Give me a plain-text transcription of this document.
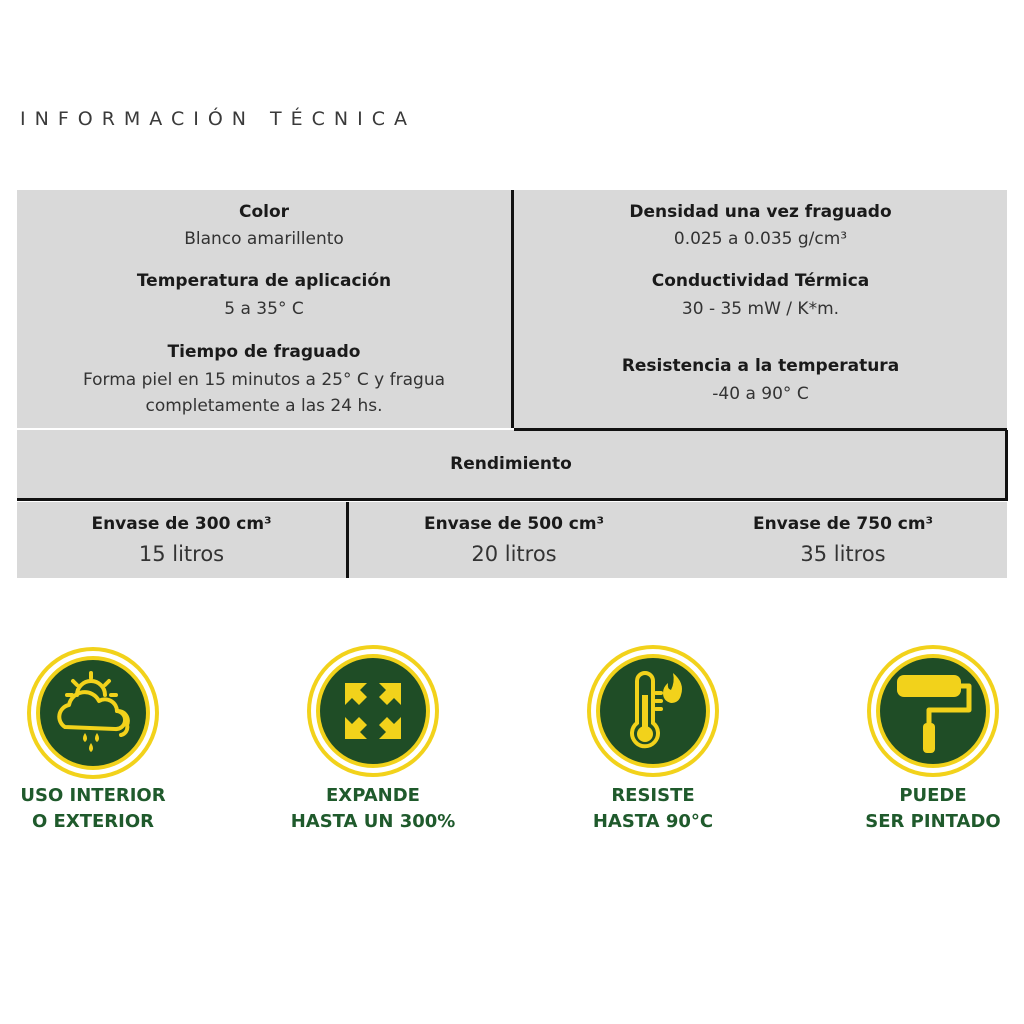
INFORMACIÓN TÉCNICA
Color
Blanco amarillento
Temperatura de aplicación
5 a 35° C
Tiempo de fraguado
Forma piel en 15 minutos a 25° C y fragua
completamente a las 24 hs.
Densidad una vez fraguado
0.025 a 0.035 g/cm³
Conductividad Térmica
30 - 35 mW / K*m.
Resistencia a la temperatura
-40 a 90° C
Rendimiento
Envase de 300 cm³
15 litros
Envase de 500 cm³
20 litros
Envase de 750 cm³
35 litros
USO INTERIOR
O EXTERIOR
EXPANDE
HASTA UN 300%
RESISTE
HASTA 90°C
PUEDE
SER PINTADO
